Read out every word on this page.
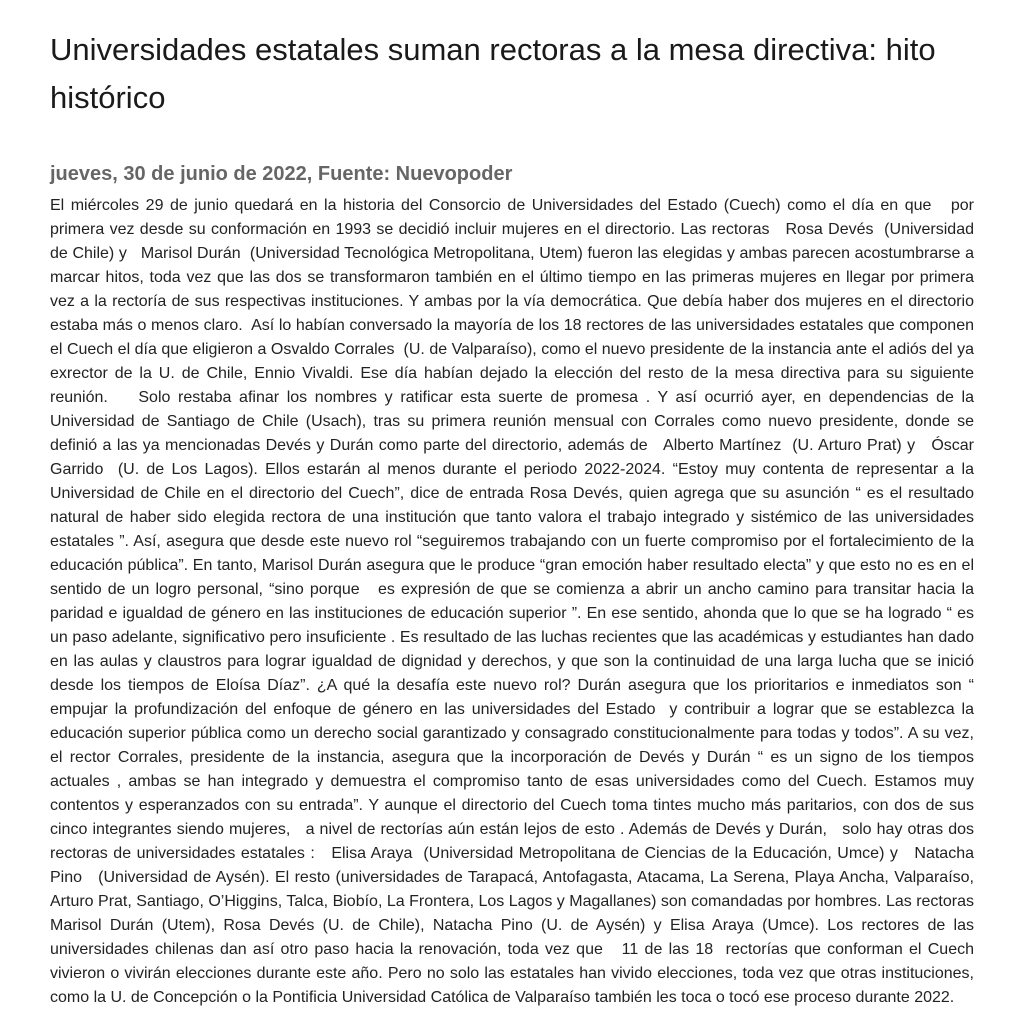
Universidades estatales suman rectoras a la mesa directiva: hito histórico
jueves, 30 de junio de 2022, Fuente: Nuevopoder

El miércoles 29 de junio quedará en la historia del Consorcio de Universidades del Estado (Cuech) como el día en que   por primera vez desde su conformación en 1993 se decidió incluir mujeres en el directorio. Las rectoras   Rosa Devés  (Universidad de Chile) y   Marisol Durán  (Universidad Tecnológica Metropolitana, Utem) fueron las elegidas y ambas parecen acostumbrarse a  marcar hitos, toda vez que las dos se transformaron también en el último tiempo en las primeras mujeres en llegar por primera vez a la rectoría de sus respectivas instituciones. Y ambas por la vía democrática. Que debía haber dos mujeres en el directorio estaba más o menos claro.  Así lo habían conversado la mayoría de los 18 rectores de las universidades estatales que componen el Cuech el día que eligieron a Osvaldo Corrales  (U. de Valparaíso), como el nuevo presidente de la instancia ante el adiós del ya exrector de la U. de Chile, Ennio Vivaldi. Ese día habían dejado la elección del resto de la mesa directiva para su siguiente reunión.    Solo restaba afinar los nombres y ratificar esta suerte de promesa . Y así ocurrió ayer, en dependencias de la Universidad de Santiago de Chile (Usach), tras su primera reunión mensual con Corrales como nuevo presidente, donde se definió a las ya mencionadas Devés y Durán como parte del directorio, además de   Alberto Martínez  (U. Arturo Prat) y   Óscar Garrido  (U. de Los Lagos). Ellos estarán al menos durante el periodo 2022-2024. “Estoy muy contenta de representar a la Universidad de Chile en el directorio del Cuech”, dice de entrada Rosa Devés, quien agrega que su asunción “ es el resultado natural de haber sido elegida rectora de una institución que tanto valora el trabajo integrado y sistémico de las universidades estatales ”. Así, asegura que desde este nuevo rol “seguiremos trabajando con un fuerte compromiso por el fortalecimiento de la educación pública”. En tanto, Marisol Durán asegura que le produce “gran emoción haber resultado electa” y que esto no es en el sentido de un logro personal, “sino porque   es expresión de que se comienza a abrir un ancho camino para transitar hacia la paridad e igualdad de género en las instituciones de educación superior ”. En ese sentido, ahonda que lo que se ha logrado “ es un paso adelante, significativo pero insuficiente . Es resultado de las luchas recientes que las académicas y estudiantes han dado en las aulas y claustros para lograr igualdad de dignidad y derechos, y que son la continuidad de una larga lucha que se inició desde los tiempos de Eloísa Díaz”. ¿A qué la desafía este nuevo rol? Durán asegura que los prioritarios e inmediatos son “ empujar la profundización del enfoque de género en las universidades del Estado  y contribuir a lograr que se establezca la educación superior pública como un derecho social garantizado y consagrado constitucionalmente para todas y todos”. A su vez,  el rector Corrales, presidente de la instancia, asegura que la incorporación de Devés y Durán “ es un signo de los tiempos actuales , ambas se han integrado y demuestra el compromiso tanto de esas universidades como del Cuech. Estamos muy contentos y esperanzados con su entrada”. Y aunque el directorio del Cuech toma tintes mucho más paritarios, con dos de sus cinco integrantes siendo mujeres,   a nivel de rectorías aún están lejos de esto . Además de Devés y Durán,   solo hay otras dos rectoras de universidades estatales :   Elisa Araya  (Universidad Metropolitana de Ciencias de la Educación, Umce) y   Natacha Pino   (Universidad de Aysén). El resto (universidades de Tarapacá, Antofagasta, Atacama, La Serena, Playa Ancha, Valparaíso,  Arturo Prat, Santiago, O’Higgins, Talca, Biobío, La Frontera, Los Lagos y Magallanes) son comandadas por hombres. Las rectoras Marisol Durán (Utem), Rosa Devés (U. de Chile), Natacha Pino (U. de Aysén) y Elisa Araya (Umce). Los rectores de las  universidades chilenas dan así otro paso hacia la renovación, toda vez que   11 de las 18  rectorías que conforman el Cuech vivieron o vivirán elecciones durante este año. Pero no solo las estatales han vivido elecciones, toda vez que otras instituciones, como la U. de Concepción o la Pontificia Universidad Católica de Valparaíso también les toca o tocó ese proceso durante 2022.
